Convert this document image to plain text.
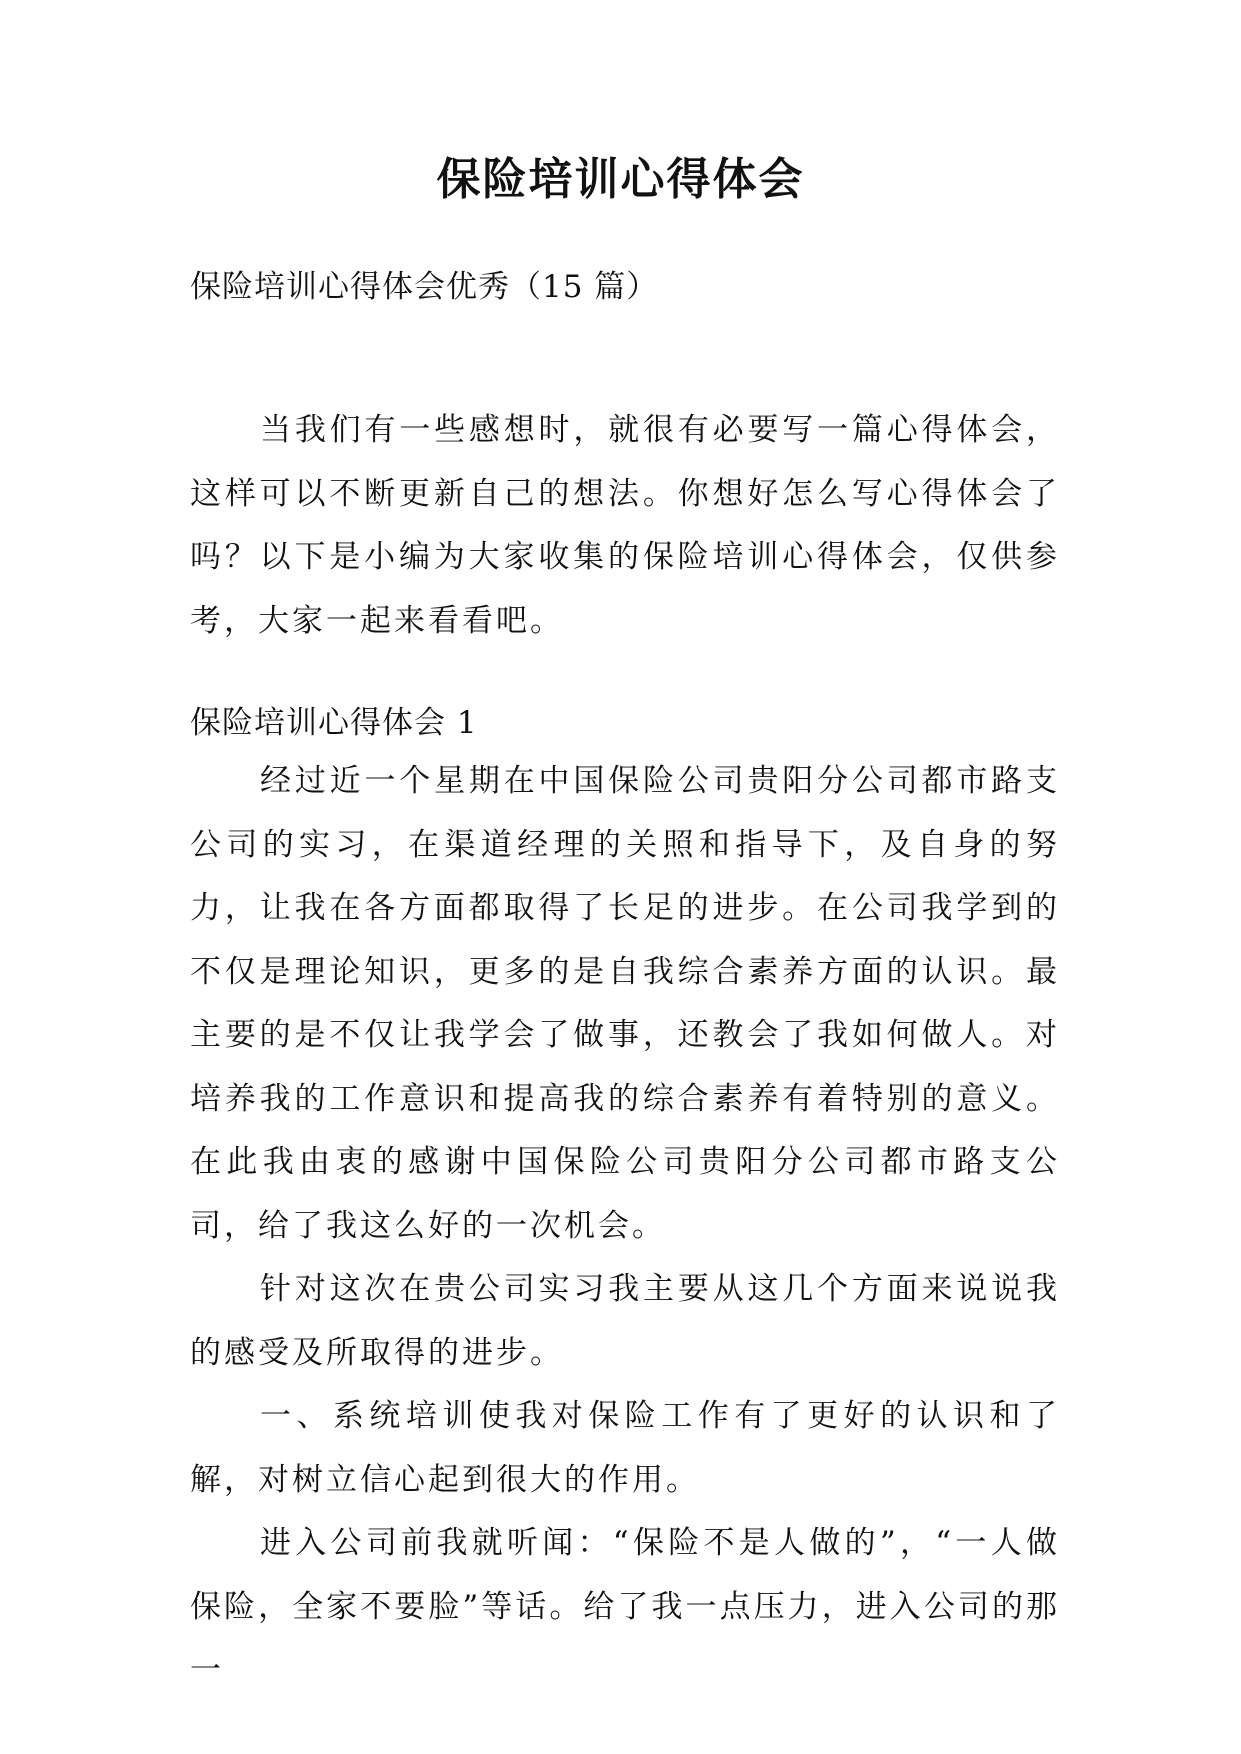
保险培训心得体会
保险培训心得体会优秀（15 篇）

当我们有一些感想时，就很有必要写一篇心得体会，这样可以不断更新自己的想法。你想好怎么写心得体会了吗？以下是小编为大家收集的保险培训心得体会，仅供参考，大家一起来看看吧。

保险培训心得体会 1

经过近一个星期在中国保险公司贵阳分公司都市路支公司的实习，在渠道经理的关照和指导下，及自身的努力，让我在各方面都取得了长足的进步。在公司我学到的不仅是理论知识，更多的是自我综合素养方面的认识。最主要的是不仅让我学会了做事，还教会了我如何做人。对培养我的工作意识和提高我的综合素养有着特别的意义。在此我由衷的感谢中国保险公司贵阳分公司都市路支公司，给了我这么好的一次机会。

针对这次在贵公司实习我主要从这几个方面来说说我的感受及所取得的进步。

一、系统培训使我对保险工作有了更好的认识和了解，对树立信心起到很大的作用。

进入公司前我就听闻：“保险不是人做的”，“一人做保险，全家不要脸”等话。给了我一点压力，进入公司的那一
